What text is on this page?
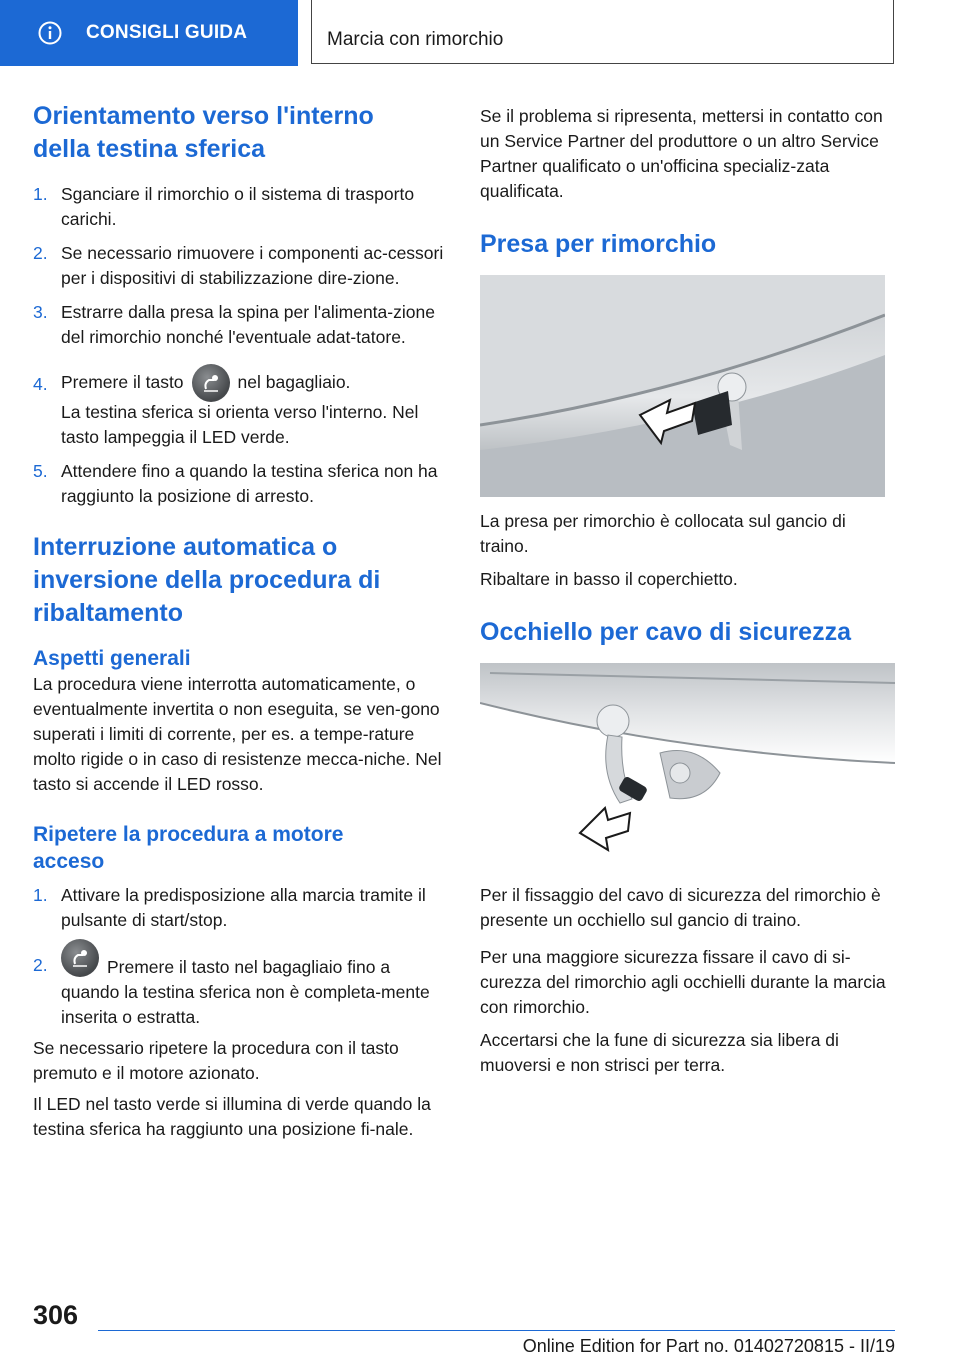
CONSIGLI GUIDA	Marcia con rimorchio
Orientamento verso l'interno della testina sferica
1. Sganciare il rimorchio o il sistema di trasporto carichi.
2. Se necessario rimuovere i componenti ac-cessori per i dispositivi di stabilizzazione dire-zione.
3. Estrarre dalla presa la spina per l'alimenta-zione del rimorchio nonché l'eventuale adat-tatore.
4. Premere il tasto	nel bagagliaio.
La testina sferica si orienta verso l'interno. Nel tasto lampeggia il LED verde.
5. Attendere fino a quando la testina sferica non ha raggiunto la posizione di arresto.
Interruzione automatica o inversione della procedura di ribaltamento
Aspetti generali

La procedura viene interrotta automaticamente, o eventualmente invertita o non eseguita, se ven-gono superati i limiti di corrente, per es. a tempe-rature molto rigide o in caso di resistenze mecca-niche. Nel tasto si accende il LED rosso.

Ripetere la procedura a motore acceso
1. Attivare la predisposizione alla marcia tramite il pulsante di start/stop.
2.	Premere il tasto nel bagagliaio fino a quando la testina sferica non è completa-mente inserita o estratta.

Se necessario ripetere la procedura con il tasto premuto e il motore azionato.

Il LED nel tasto verde si illumina di verde quando la testina sferica ha raggiunto una posizione fi-nale.

Se il problema si ripresenta, mettersi in contatto con un Service Partner del produttore o un altro Service Partner qualificato o un'officina specializ-zata qualificata.

Presa per rimorchio

La presa per rimorchio è collocata sul gancio di traino.

Ribaltare in basso il coperchietto.

Occhiello per cavo di sicurezza

Per il fissaggio del cavo di sicurezza del rimorchio è presente un occhiello sul gancio di traino.

Per una maggiore sicurezza fissare il cavo di si-curezza del rimorchio agli occhielli durante la marcia con rimorchio.

Accertarsi che la fune di sicurezza sia libera di muoversi e non strisci per terra.

306
Online Edition for Part no. 01402720815 - II/19
